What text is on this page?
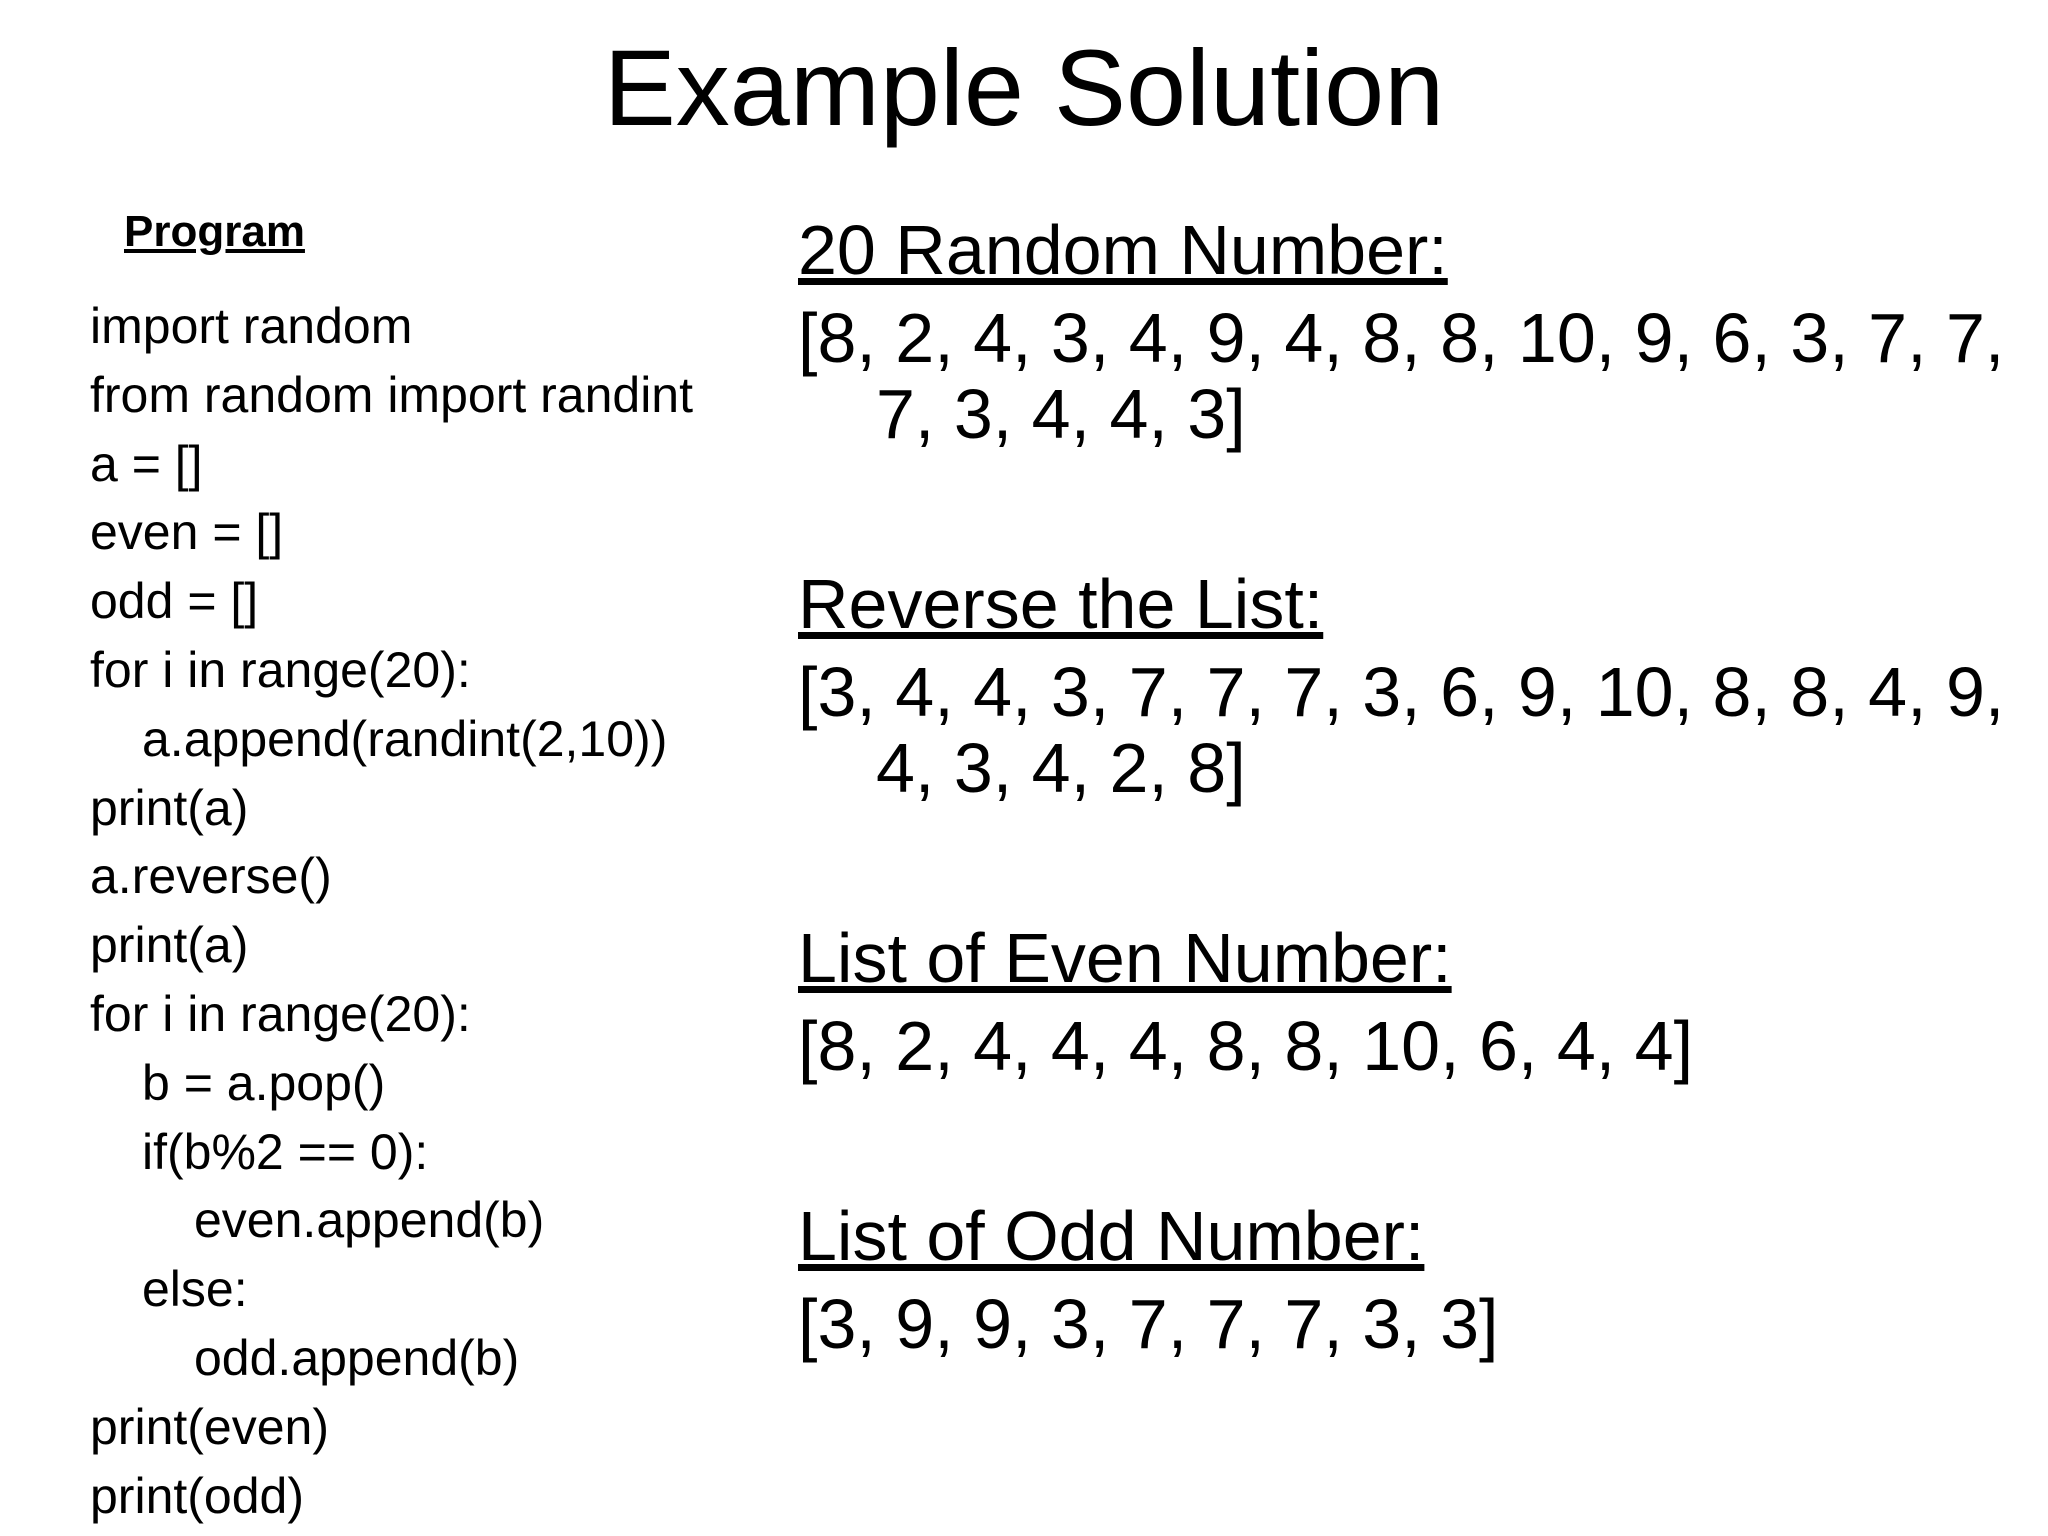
Example Solution
Program
import random
from random import randint
a = []
even = []
odd = []
for i in range(20):
a.append(randint(2,10))
print(a)
a.reverse()
print(a)
for i in range(20):
b = a.pop()
if(b%2 == 0):
even.append(b)
else:
odd.append(b)
print(even)
print(odd)
20 Random Number:
[8, 2, 4, 3, 4, 9, 4, 8, 8, 10, 9, 6, 3, 7, 7, 7, 3, 4, 4, 3]
Reverse the List:
[3, 4, 4, 3, 7, 7, 7, 3, 6, 9, 10, 8, 8, 4, 9, 4, 3, 4, 2, 8]
List of Even Number:
[8, 2, 4, 4, 4, 8, 8, 10, 6, 4, 4]
List of Odd Number:
[3, 9, 9, 3, 7, 7, 7, 3, 3]
